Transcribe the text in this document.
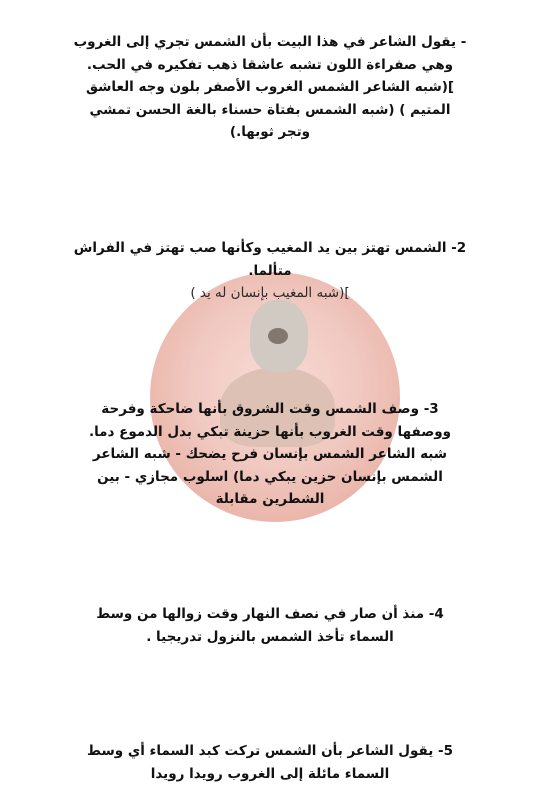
- يقول الشاعر في هذا البيت بأن الشمس تجري إلى الغروب
وهي صفراءة اللون تشبه عاشقا ذهب تفكيره في الحب.
](شبه الشاعر الشمس الغروب الأصفر بلون وجه العاشق
المتيم ) (شبه الشمس بفتاة حسناء بالغة الحسن تمشي
وتجر ثوبها.)
2- الشمس تهتز بين يد المغيب وكأنها صب تهتز في الفراش
متألما.
](شبه المغيب بإنسان له يد )
3- وصف الشمس وقت الشروق بأنها ضاحكة وفرحة
ووصفها وقت الغروب بأنها حزينة تبكي بدل الدموع دما.
شبه الشاعر الشمس بإنسان فرح يضحك - شبه الشاعر
الشمس بإنسان حزين يبكي دما) اسلوب مجازي - بين
الشطرين مقابلة
4- منذ أن صار في نصف النهار وقت زوالها من وسط
السماء تأخذ الشمس بالنزول تدريجيا .
5- يقول الشاعر بأن الشمس تركت كبد السماء أي وسط
السماء مائلة إلى الغروب رويدا رويدا
